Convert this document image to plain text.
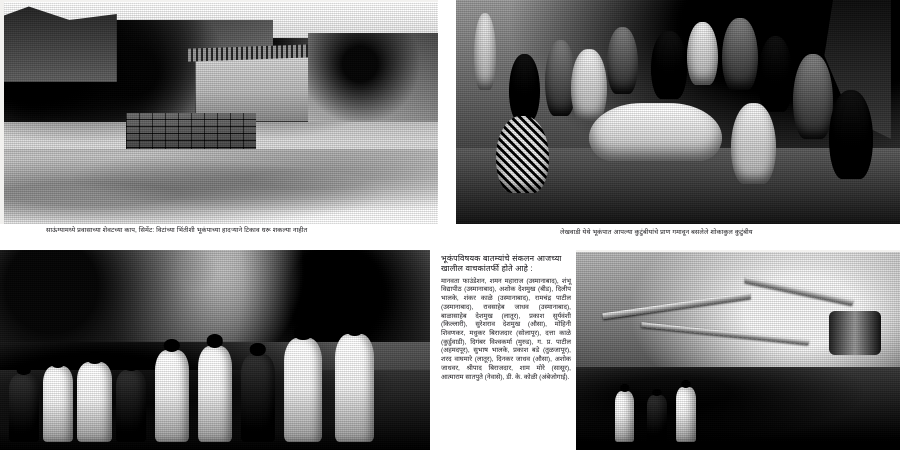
साऊंग्यामध्ये प्रवासाच्या शेवटच्या काप, सिमेंट: विटांच्या भिंतीशी भूकंपाच्या हादऱ्याने टिकाव धरू शकल्या नाहीत	लेखवाडी येथे भूकंपात आपल्या कुटुंबीयांचे प्राण गमावून बसलेले शोकाकुल कुटुंबीय
भूकंपविषयक बातम्यांचे संकलन आजच्या खालील वाचकांतर्फी होते आहे :
मानवता फाउंडेशन, शमन महाराज (उस्मानाबाद), शंभू विद्यापीठ (उस्मानाबाद), अशोक देशमुख (बीड), दिलीप भालके, शंकर काळे (उस्मानाबाद), रामचंद्र पाटील (उस्मानाबाद), रावसाहेब जाधव (उस्मानाबाद), बाळासाहेब देशमुख (लातूर), प्रकाश सुर्यवंशी (किल्लारी), सुरेशराव देशमुख (औसा), मोहिनी शिवणकर, मधुकर बिराजदार (सोलापूर), दत्ता काळे (कुर्डुवाडी), दिगंबर विश्वकर्मा (मुरुड), ग. प्र. पाटील (अहमदपूर), सुभाष भालके, प्रकाश बडे (तुळजापूर), शरद वाघमारे (लातूर), दिनकर जाधव (औसा), अशोक जाधवर, श्रीपाद बिराजदार, शाम मोरे (सासूर), आत्माराम सातपुते (नेवासे), डी. के. कोळी (अंबेजोगाई).
